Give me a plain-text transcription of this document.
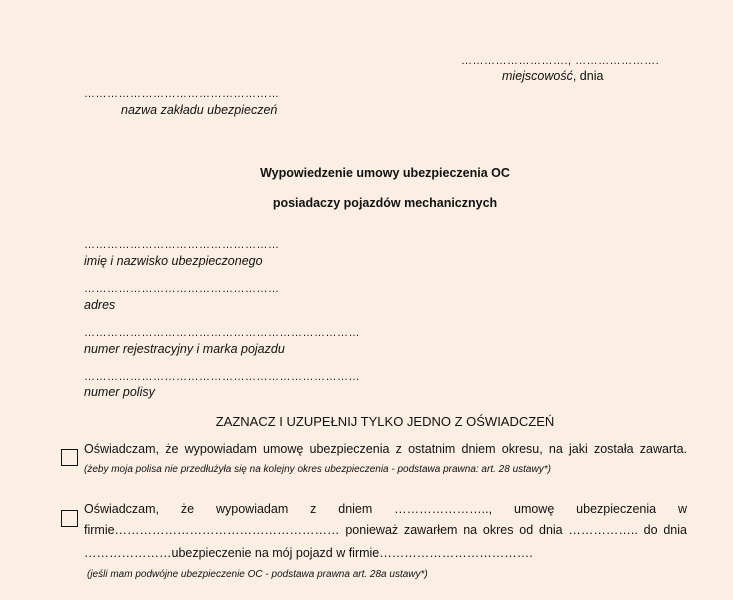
………………………., ………………….
miejscowość, dnia
……………………………………………
nazwa zakładu ubezpieczeń
Wypowiedzenie umowy ubezpieczenia OC
posiadaczy pojazdów mechanicznych
……………………………………………
imię i nazwisko ubezpieczonego
……………………………………………
adres
………………………………………………………………
numer rejestracyjny i marka pojazdu
………………………………………………………………
numer polisy
ZAZNACZ I UZUPEŁNIJ TYLKO JEDNO Z OŚWIADCZEŃ
Oświadczam, że wypowiadam umowę ubezpieczenia z ostatnim dniem okresu, na jaki została zawarta.
(żeby moja polisa nie przedłużyła się na kolejny okres ubezpieczenia - podstawa prawna: art. 28 ustawy*)
Oświadczam, że wypowiadam z dniem ………………….., umowę ubezpieczenia w
firmie……………………………………………… ponieważ zawarłem na okres od dnia …………….. do dnia
…………………ubezpieczenie na mój pojazd w firmie……………………………….
(jeśli mam podwójne ubezpieczenie OC - podstawa prawna art. 28a ustawy*)
